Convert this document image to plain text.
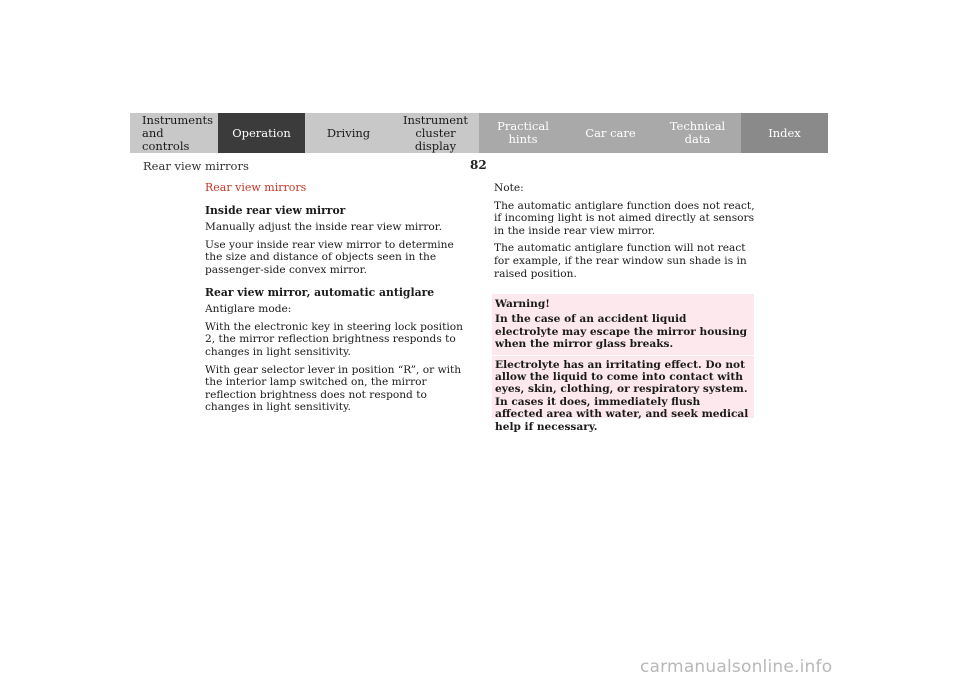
Instruments
and controls
Operation	Driving
Instrument
cluster display
Practical hints	Car care	Technical
data	Index
Rear view mirrors	82
Rear view mirrors
Inside rear view mirror
Manually adjust the inside rear view mirror.
Use your inside rear view mirror to determine the size and distance of objects seen in the passenger-side convex mirror.
Rear view mirror, automatic antiglare
Antiglare mode:
With the electronic key in steering lock position 2, the mirror reflection brightness responds to changes in light sensitivity.
With gear selector lever in position “R”, or with the interior lamp switched on, the mirror reflection brightness does not respond to changes in light sensitivity.
Note:
The automatic antiglare function does not react, if incoming light is not aimed directly at sensors in the inside rear view mirror.
The automatic antiglare function will not react for example, if the rear window sun shade is in raised position.
Warning!
In the case of an accident liquid electrolyte may escape the mirror housing when the mirror glass breaks.
Electrolyte has an irritating effect. Do not allow the liquid to come into contact with eyes, skin, clothing, or respiratory system. In cases it does, immediately flush affected area with water, and seek medical help if necessary.
carmanualsonline.info
